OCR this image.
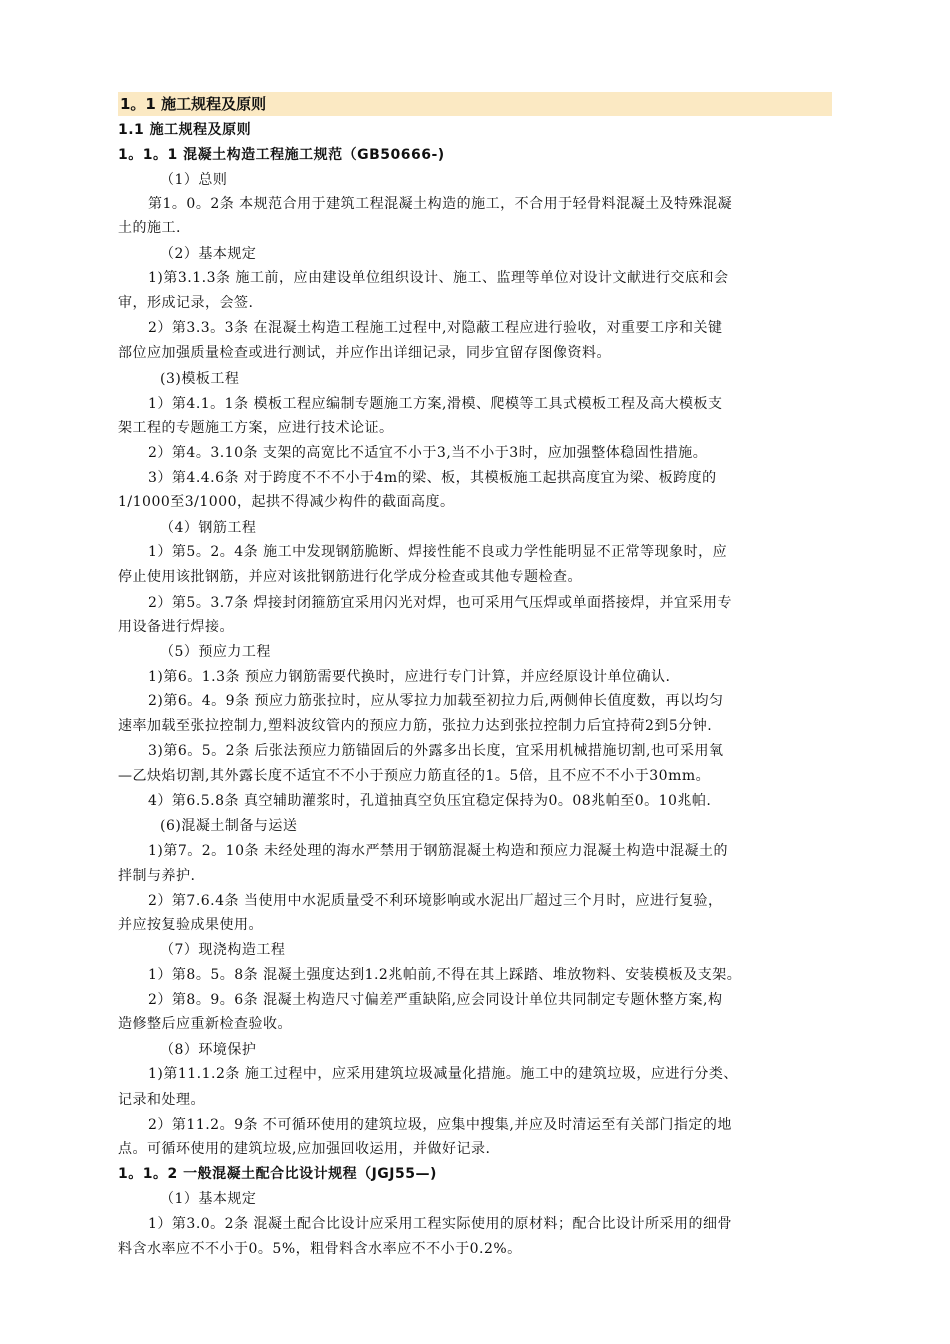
1。1 施工规程及原则
1.1 施工规程及原则
1。1。1 混凝土构造工程施工规范（GB50666-)
（1）总则
第1。0。2条 本规范合用于建筑工程混凝土构造的施工，不合用于轻骨料混凝土及特殊混凝
土的施工.
（2）基本规定
1)第3.1.3条 施工前，应由建设单位组织设计、施工、监理等单位对设计文献进行交底和会
审，形成记录，会签.
2）第3.3。3条 在混凝土构造工程施工过程中,对隐蔽工程应进行验收，对重要工序和关键
部位应加强质量检查或进行测试，并应作出详细记录，同步宜留存图像资料。
(3)模板工程
1）第4.1。1条 模板工程应编制专题施工方案,滑模、爬模等工具式模板工程及高大模板支
架工程的专题施工方案，应进行技术论证。
2）第4。3.10条 支架的高宽比不适宜不小于3,当不小于3时，应加强整体稳固性措施。
3）第4.4.6条 对于跨度不不不小于4m的梁、板，其模板施工起拱高度宜为梁、板跨度的
1/1000至3/1000，起拱不得减少构件的截面高度。
（4）钢筋工程
1）第5。2。4条 施工中发现钢筋脆断、焊接性能不良或力学性能明显不正常等现象时，应
停止使用该批钢筋，并应对该批钢筋进行化学成分检查或其他专题检查。
2）第5。3.7条 焊接封闭箍筋宜采用闪光对焊，也可采用气压焊或单面搭接焊，并宜采用专
用设备进行焊接。
（5）预应力工程
1)第6。1.3条 预应力钢筋需要代换时，应进行专门计算，并应经原设计单位确认.
2)第6。4。9条 预应力筋张拉时，应从零拉力加载至初拉力后,两侧伸长值度数，再以均匀
速率加载至张拉控制力,塑料波纹管内的预应力筋，张拉力达到张拉控制力后宜持荷2到5分钟.
3)第6。5。2条 后张法预应力筋锚固后的外露多出长度，宜采用机械措施切割,也可采用氧
—乙炔焰切割,其外露长度不适宜不不小于预应力筋直径的1。5倍，且不应不不小于30mm。
4）第6.5.8条 真空辅助灌浆时，孔道抽真空负压宜稳定保持为0。08兆帕至0。10兆帕.
(6)混凝土制备与运送
1)第7。2。10条 未经处理的海水严禁用于钢筋混凝土构造和预应力混凝土构造中混凝土的
拌制与养护.
2）第7.6.4条 当使用中水泥质量受不利环境影响或水泥出厂超过三个月时，应进行复验，
并应按复验成果使用。
（7）现浇构造工程
1）第8。5。8条 混凝土强度达到1.2兆帕前,不得在其上踩踏、堆放物料、安装模板及支架。
2）第8。9。6条 混凝土构造尺寸偏差严重缺陷,应会同设计单位共同制定专题休整方案,构
造修整后应重新检查验收。
（8）环境保护
1)第11.1.2条 施工过程中，应采用建筑垃圾减量化措施。施工中的建筑垃圾，应进行分类、
记录和处理。
2）第11.2。9条 不可循环使用的建筑垃圾，应集中搜集,并应及时清运至有关部门指定的地
点。可循环使用的建筑垃圾,应加强回收运用，并做好记录.
1。1。2 一般混凝土配合比设计规程（JGJ55—)
（1）基本规定
1）第3.0。2条 混凝土配合比设计应采用工程实际使用的原材料；配合比设计所采用的细骨
料含水率应不不小于0。5%，粗骨料含水率应不不小于0.2%。
